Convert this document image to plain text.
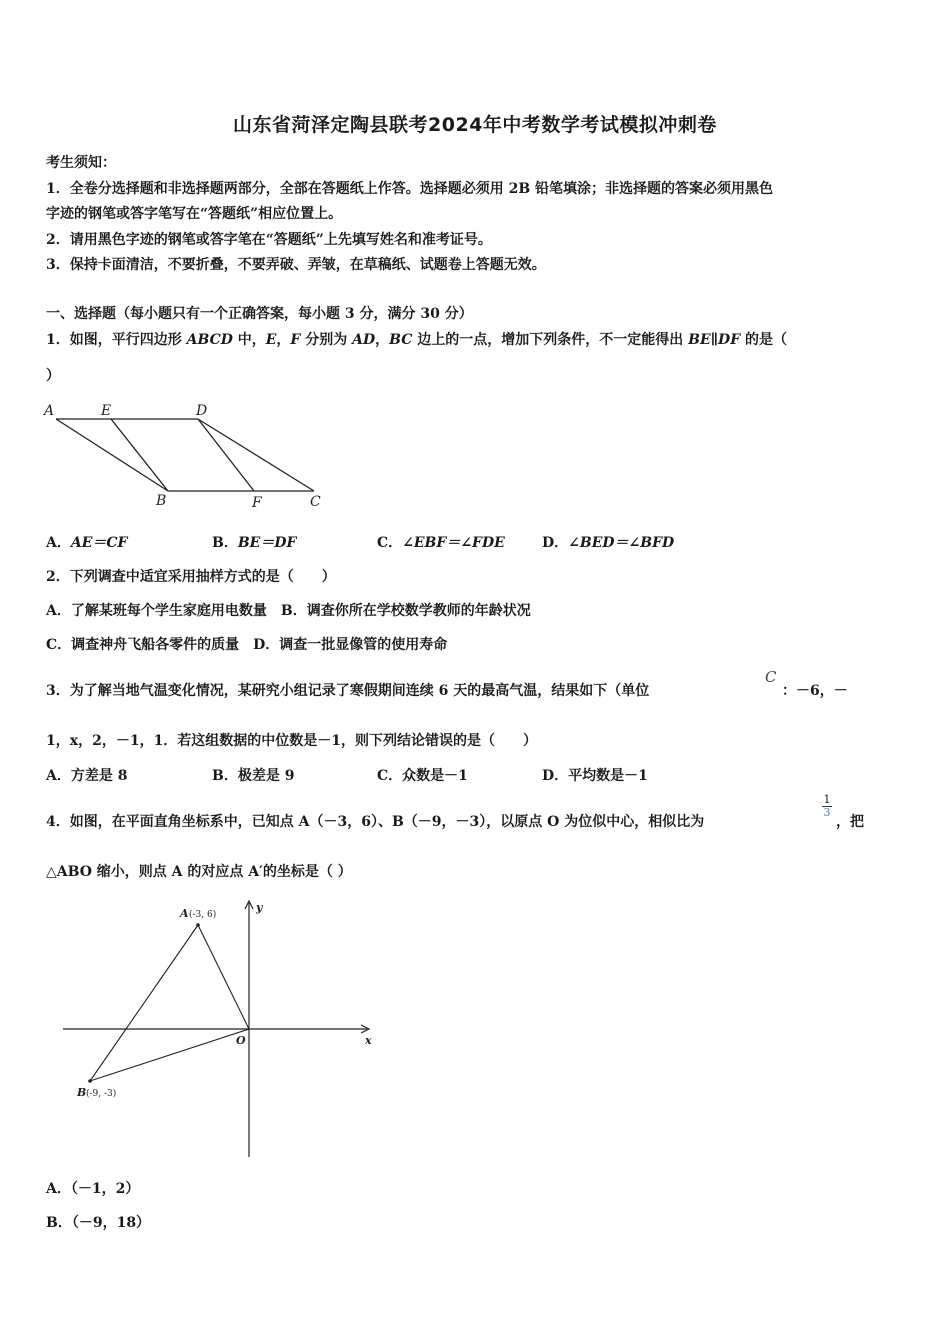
山东省菏泽定陶县联考2024年中考数学考试模拟冲刺卷
考生须知：
1．全卷分选择题和非选择题两部分，全部在答题纸上作答。选择题必须用 2B 铅笔填涂；非选择题的答案必须用黑色
字迹的钢笔或答字笔写在“答题纸”相应位置上。
2．请用黑色字迹的钢笔或答字笔在“答题纸”上先填写姓名和准考证号。
3．保持卡面清洁，不要折叠，不要弄破、弄皱，在草稿纸、试题卷上答题无效。
一、选择题（每小题只有一个正确答案，每小题 3 分，满分 30 分）
1．如图，平行四边形 ABCD 中，E，F 分别为 AD，BC 边上的一点，增加下列条件，不一定能得出 BE∥DF 的是（
）
A	E	D
B	F	C
A．AE＝CF	B．BE＝DF	C．∠EBF＝∠FDE	D．∠BED＝∠BFD
2．下列调查中适宜采用抽样方式的是（　　）
A．了解某班每个学生家庭用电数量　B．调查你所在学校数学教师的年龄状况
C．调查神舟飞船各零件的质量　D．调查一批显像管的使用寿命
3．为了解当地气温变化情况，某研究小组记录了寒假期间连续 6 天的最高气温，结果如下（单位
C
：－6，－
1，x，2，－1，1．若这组数据的中位数是－1，则下列结论错误的是（　　）
A．方差是 8	B．极差是 9	C．众数是－1	D．平均数是－1
4．如图，在平面直角坐标系中，已知点 A（－3，6）、B（－9，－3），以原点 O 为位似中心，相似比为
$\frac{1}{3}$
，把
△ABO 缩小，则点 A 的对应点 A′的坐标是（ ）
A (-3, 6)
B (-9, -3)
O	x
y
A．（－1，2）
B．（－9，18）
